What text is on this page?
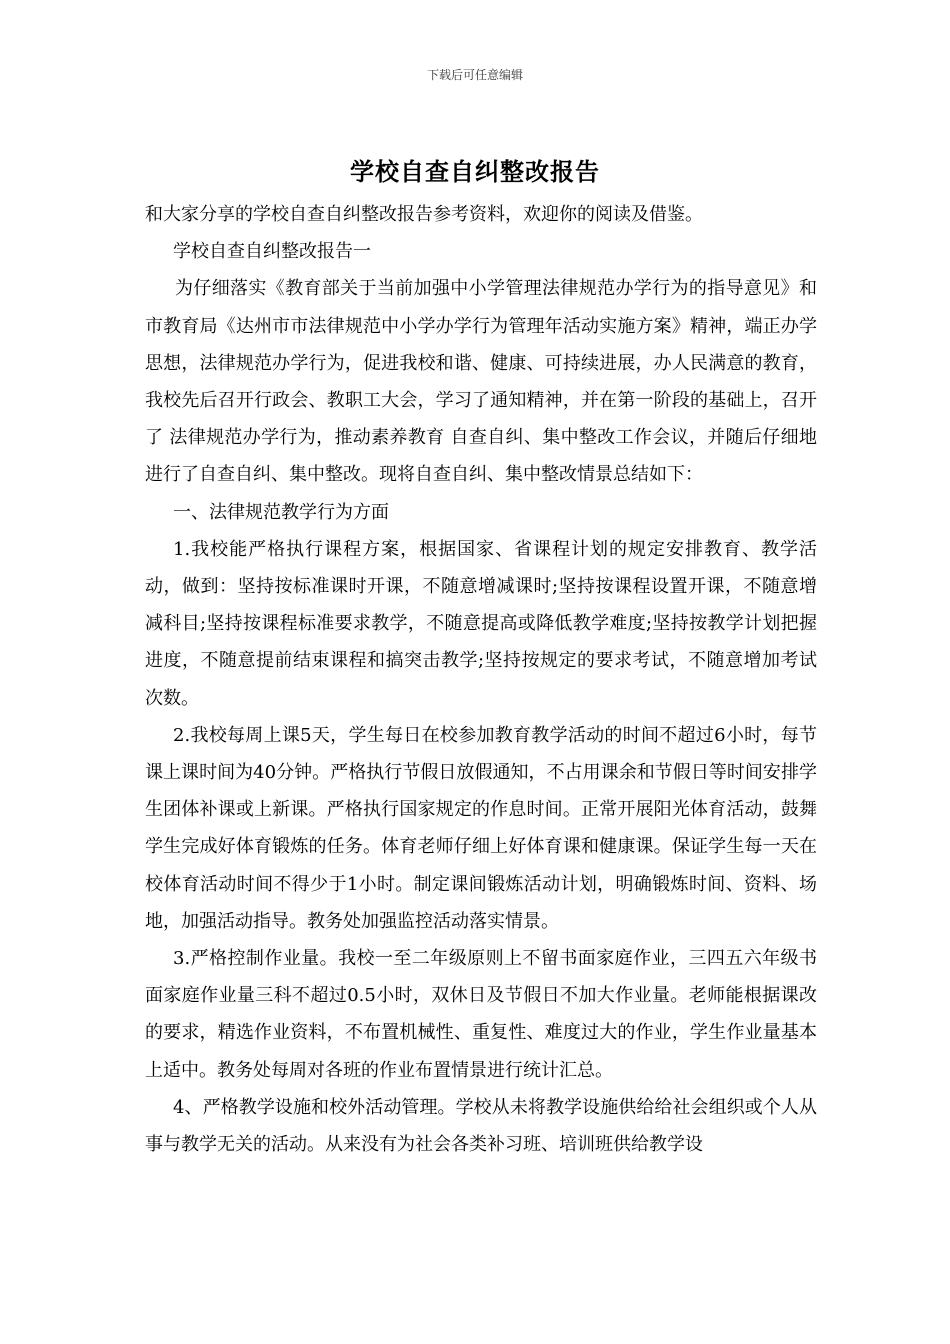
下载后可任意编辑
学校自查自纠整改报告

和大家分享的学校自查自纠整改报告参考资料，欢迎你的阅读及借鉴。

学校自查自纠整改报告一

为仔细落实《教育部关于当前加强中小学管理法律规范办学行为的指导意见》和市教育局《达州市市法律规范中小学办学行为管理年活动实施方案》精神，端正办学思想，法律规范办学行为，促进我校和谐、健康、可持续进展，办人民满意的教育，我校先后召开行政会、教职工大会，学习了通知精神，并在第一阶段的基础上，召开了 法律规范办学行为，推动素养教育 自查自纠、集中整改工作会议，并随后仔细地进行了自查自纠、集中整改。现将自查自纠、集中整改情景总结如下：

一、法律规范教学行为方面

1.我校能严格执行课程方案，根据国家、省课程计划的规定安排教育、教学活动，做到：坚持按标准课时开课，不随意增减课时;坚持按课程设置开课，不随意增减科目;坚持按课程标准要求教学，不随意提高或降低教学难度;坚持按教学计划把握进度，不随意提前结束课程和搞突击教学;坚持按规定的要求考试，不随意增加考试次数。

2.我校每周上课5天，学生每日在校参加教育教学活动的时间不超过6小时，每节课上课时间为40分钟。严格执行节假日放假通知，不占用课余和节假日等时间安排学生团体补课或上新课。严格执行国家规定的作息时间。正常开展阳光体育活动，鼓舞学生完成好体育锻炼的任务。体育老师仔细上好体育课和健康课。保证学生每一天在校体育活动时间不得少于1小时。制定课间锻炼活动计划，明确锻炼时间、资料、场地，加强活动指导。教务处加强监控活动落实情景。

3.严格控制作业量。我校一至二年级原则上不留书面家庭作业，三四五六年级书面家庭作业量三科不超过0.5小时，双休日及节假日不加大作业量。老师能根据课改的要求，精选作业资料，不布置机械性、重复性、难度过大的作业，学生作业量基本上适中。教务处每周对各班的作业布置情景进行统计汇总。

4、严格教学设施和校外活动管理。学校从未将教学设施供给给社会组织或个人从事与教学无关的活动。从来没有为社会各类补习班、培训班供给教学设
